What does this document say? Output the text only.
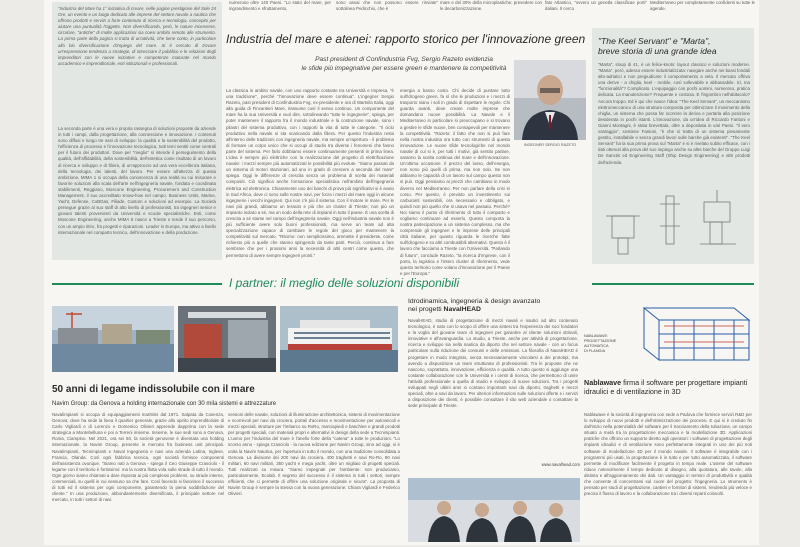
numeroso oltre 140 Paesi. "Lo stato del mare, per ingrandimento e sfruttamento,
sono assai che non possono essere rinviate" sottolinea Pedicchio, che è
mare e del 30% della microplastiche; prevedere con le decarbonizzazione.
fato Atlantico, "ovvero un genetla classificae porti" italiani. Il cerco
Mediterraneo per completamente confidenti su tutte le agende.
"Industria del Mare ha 1° iniziativa di creare, nelle pagine prestigiose del Sole 24 Ore, un evento e un luogo dedicato alle imprese del settore navale a nautica che offrono prodotti e servizi a forte contenuto di ricerca e tecnologia, concepito per aiutare una puntualità l'oggetto. Non diversificando, però, le nature incerverse, circolare, "antiche" di molte applicazioni sia coesi ambito remoto alle strumento. La prima parte della pagina si tratta di un'attività, che tiene conto, in particolare alla bio diversificazione d'impiego del mare. Si è cercato di trovare un'espressione tendenza a strategie, di intrecciare il pubblico e le relazioni degli imprenditori con le nuove iniziative e competenze maturate nel mondo accademico e imprenditoriale, enti istituzionali e professionali.
La seconda parte è una vera e propria rassegna di soluzioni proposte da aziende in tutti i campi, dalla progettazione, alla connessione e innovazione. I contenuti sono diffusi e lungo tre assi di sviluppo: la qualità e la sostenibilità del prodotto, l'efficienza di processo e l'innovazione tecnologica, tutti temi sentiti come centrali per il futuro dei produttori. Dove per "meglio" si intende il perseguimento della qualità, dell'affidabilità, della sostenibilità, dell'estetica come risultato di un lavoro di ricerca e sviluppo e di filiera, di un'approccio ad una vera eccellenza italiana, della tecnologia, dei talenti, del lavoro. Per essere all'altezza di questa ambizione, MIMA 1 si occupa della conoscenza di una realtà su cui misurare e favorire soluzioni alla scala dell'arte nell'ingegneria navale, fondata e coordinata stabilimenti, Reggiano, Moscone Engineering, Procurement and Construction Management, il suo accreditato Know-how nel campo. Business Units, Marine, Yacht, Defense, CoBGas, Filiade, Custom e soluzioni ad esempio. La Società persegue grazie al suo staff di alto livello di professionisti, tra ingegneri senior e giovani talenti provenienti da Università e scuole specialistiche. Enti, come Moscone Engineering, anche MIMA 5 nasce a Trieste e tende il suo percorso, con un ampio ritiro, fra progetti e riparazioni. Leader in Europa, ma attivo a livello internazionale nel comparto tecnico, dell'innovazione e della produzione.
Industria del mare e atenei: rapporto storico per l'innovazione green
Past president di Confindustria Fvg, Sergio Razeto evidenzia
le sfide più impegnative per essere green e mantenere la competitività
La classica in ambito navale, con uno rapporto costante tra Università e Impresa, "è una tradizione", perché "l'innovazione deve essere continua". L'ingegner Sergio Razeto, past president di Confindustria Fvg, ex-presidente e ora di Wartsila Italia, oggi alla guida di Fincantieri Mare, riassume così il senso continuo. Un componente del mare ha la sua Università e vuol dire, sottolineando "tutte le ingegnerie", spiega, per poter mantenere il rapporto fra il mondo industriale e la costruzione navale, sono i pilastri del sistema produttivo, con i rapporti la vita di tutte le categorie. "Il ciclo produttivo nella navale si sta scaricando dalla filiera. Per questo l'industria resta all'interno delle tradizioni con ingegneria navale, ma sempre un'apertura - il problema di formare un corpo unico che si occupi di studio tra diverse i fenomeni che fanno parte del sistema. Per farlo dobbiamo essere continuamente presenti in prima linea. L'idea è sempre più elettriche con la realizzazione del progetto di elettrificazione navale: i mezzi sempre più automatizzati le possibilità più evolute. "Siamo passati da un sistema di motori stazionari, ad uno in grado di crescere a seconda del mare" spiega. Oggi le differenze di crescita senza un problema di scelta dei materiali compositi. Ciò significa anche formazione specialistica nell'ambito dell'ingegneria elettrica ed elettronica. Chiaramente uno dei banchi di prova più significativi si è avuto in Sud Africa, dove ci sono sulle nostre navi, per forza i mezzi del mare oggi in alcune ingegnerie i vecchi ingegneri. Qui non c'è più il sistema. Con il motore in mare. Per le navi più grandi, abbiamo un tessuto e più che un cluster di Trieste; non più un impianto isolato a sé, ma un nodo della rete di impianti in tutto il paese. È una scelta di crescita a sé stante nel campo dell'ingegneria navale. Oggi nell'industria navale non è più sufficiente avere solo buoni professionisti, ma serve un team ad alta specializzazione capace di cambiare le regole del gioco per mantenere la competitività sul mercato. "Ritorno: non semplicissimo, ammette il presidente, come richiesto più a quelle che stanno spingendo da tante parti. Perciò, continua a fare sembrare che per i prossimi anni la necessità di altri centri come questo, che permettono di avere sempre ingegneri pronti."
energia a basso costo. Chi decide di puntare tutto sull'idrogeno green, fa sì che le produzioni e i mezzi di trasporto siano i soli in grado di rispettare le regole. Chi guarda avanti, deve creare molte imprese che domandano nuove possibilità. La Navale e il Mediterraneo in particolare si preoccupano e si trovano a gestire le sfide nuove, ben consapevoli per mantenere la competitività. "Razeto: il fatto che non si può fare nella nostra industria ora tutto con strumenti di questa innovazione. Le nuove sfide tecnologiche nel mondo navale di cui si è, per tutti i motivi, già sentito parlare, saranno la scelta continua del mare e dell'innovazione. Un'ottima occasione. Il prezzo del lusso, dell'energia, non sono più quelli di prima, ma non solo. Se non abbiamo le capacità di un lavoro sul campo questo non si può. Oggi pensiamo ai prezzi che cambiano in modo diverso nel Mediterraneo. Per non parlare della crisi in corso. Per questo, è previsto un investimento sui carburanti sostenibili, ora necessario e obbligato, e quindi non più quello che si usava nel passato. Perché? Noi siamo il punto di riferimento di tutto il comparto e vogliamo continuare ad esserlo. Questo comporta la nostra partecipazione a un sistema complesso, ma che comprende gli ingegneri e le imprese delle principali città italiane, per quanto riguarda le ricerche fatte sull'idrogeno e su altri combustibili alternativi. Questo è il lavoro che facciamo a Trieste con l'Università. "Parlando di futuro", conclude Razeto, "la ricerca d'imprese, con il porto, la logistica e l'intero cluster di riferimento, vede questo territorio come volano d'innovazione per il Paese e per l'Europa."
INGEGNER SERGIO RAZETO
"The Keel Servant" e "Marta",
breve storia di una grande idea
"Marta", sloop di 41, è un felice-knots: layout classico e soluzioni moderne. "Marta", però, adesso essere industrializzata: navigare anche nei bassi fondali alto-adriatici e non pregiudicare il comportamento a vela. Il mercato offriva una derive - a chiglia, keel - mobile, così sollevabile e abbassabile. Sì, ma "funzionalità"? Complicato. L'equipaggio con pochi uomini, numeroso, pratica delicata. La manutenzione? Frequente e costosa. E l'ingombro nell'abitacolo? Ancora troppo. Ed è qui che nasce l'idea: "The Keel Servant", un meccanismo elettromeccanico di una struttura composita per ottimizzare il movimento della chiglia, un sistema che possa far scorrere la deriva e portarla alla posizione desiderata in pochi istanti. L'innovazione, da un'idea di Riccardo Fantoni e Gianni Montagni, è stata brevettata, oltre a depositata in vari Paesi. "Il vero vantaggio", sostiene Fantoni, "è che si tratta di un sistema pienamente gestito, installabile e senza grandi lavori sulle barche già esistenti". "The Keel Servant" ha la sua prima prova sul "Marta" e si è rivelato subito efficace, con i dati ottenuti alla prova del suo impiego anche su altre barche del Gruppo Luigi De Sanctis ed Engineering Staff (Ship Design Engineering) e altri prodotti dell'azienda.
I partner: il meglio delle soluzioni disponibili
50 anni di legame indissolubile con il mare
Navim Group: da Genova a holding internazionale con 30 mila sistemi e attrezzature
Navalimpianti si occupa di equipaggiamenti marittimi dal 1971. Salpata da Cosenza, Genova, dove ha sede la linea il quartier generale, grazie allo spirito imprenditoriale di Carlo Vigliardi e di Lorenzo e Domenico Olivieri apprende dapprima con la sede strategica a Montebelluna e poi a Terreni insieme. Insieme, le sue sedi sono a Genova, Roma, Ciampino. Nel 2021, ora sei 50, la società genovese è diventata una holding internazionale, la Navim Group, presente in mercato fra business unit principali. Navalimpianti, Tecnimpianti e Naval Ingegneria e navi una azienda Latina, Inglese, Francia, Olanda. Così ogni fabbrica tecnica, ogni società fornisce componenti dell'assistenza ovunque. "Siamo nati a Genova - spiega il Ceo Giuseppe Crasciolo - il legame con il territorio è fortissimo: ma la nostra flotta vola sulle strade di tutto il mondo. Ogni giorno siamo chiamati a dare risposta ai più complessi problemi, su strade interne, commerciali, su quelli in cui nessuno sa che fare. Così facendo si favorisce il successo di tutti ed il sistema per ogni componente, garantendo la piena soddisfazione del cliente." In una produzione, abbondantemente diversificata, il principale settore nel mercato, in tutti i settori di navi.
versioni delle navale, soluzioni di illuminazione architettonica, sistemi di movimentazione e scorrevoli per navi da crociera, portali d'accesso e movimentazione per autoveicoli e mezzi speciali, strutture per l'imbarco su RoRo, marciapiedi e banchine e grandi prodotti per progetti speciali, con materiali propri e alternativi in design della sede a Tecnimpianti. L'uomo per l'industria del mare è l'anello forte della "catena" a tutte le produzioni. "Lo scorso anno - spiega Crasciolo - la nuova edizione per Navim Group, sino ad oggi, si è unita la Navim Nautica, per l'apertura in tutto il mondo, con una tradizione consolidata a Genova. La divisione dei 200 navi da crociera, 400 traghetti e navi Ro-Ro, 90 navi militari, 60 navi militari, 350 yacht e mega yacht, oltre un migliaio di progetti speciali. Tutti realizzati su misura. "Siamo impegnati per l'ambiente: non produciamo, particolarmente, Ecolab. Il segreto del successo è il sistema in tutti i settori, sempre efficienti, che ci permette di offrire una soluzione originale e sicura". La proposta di Navim Group è sempre la stessa con la nuova generazione: Chiara Vigliardi e Federico Olivieri.
Idrodinamica, ingegneria & design avanzato
nei progetti NavalHEAD
NavalHEAD, studio di progettazione di mezzi navali e nautici ad alto contenuto tecnologico, è nato con lo scopo di offrire una sintesi tra l'esperienza dei soci fondatori e la voglia del giovane team di ingegneri per garantire al cliente soluzioni ottimali, innovative e all'avanguardia. Lo studio, a Trieste, anche per attività di progettazione, ricerca e sviluppo sia nella nautica da diporto che nel settore navale - con un focus particolare sulla riduzione dei consumi e delle emissioni. La filosofia di NavalHEAD è progettare in modo integrato, senza necessariamente vincolarsi a dei prototipi, ma avendo a disposizione un team strutturato di professionisti. Tra le proposte che ne nascono, soprattutto, innovazione, efficienza e qualità. A tutto questo si aggiunge una costante collaborazione con le Università e i centri di ricerca, che permettono di unire l'attività professionale a quella di studio e sviluppo di nuove soluzioni. Tra i progetti sviluppati negli ultimi anni si contano importanti navi da diporto, traghetti e mezzi speciali, oltre a navi da lavoro. Per ulteriori informazioni sulle soluzioni offerte e i servizi a disposizione dei clienti, è possibile consultare il sito web aziendale o contattare la sede principale di Trieste.
www.navalhead.com
NABLAWAVE:
PROGETTAZIONE
AUTOMATICA
DI FLANGIA
Nablawave firma il software per progettare impianti idraulici e di ventilazione in 3D
Nablawave è la società di ingegneria con sede a Padova che fornisce servizi R&D per lo sviluppo di nuovi prodotti e dell'ottimizzazione dei processi. E qui si è creduto fin dall'inizio nella potenzialità del software per il tracciamento della tubazione, un campo situato a metà tra la progettazione meccanica e la modellazione 3D. Applicazioni pratiche che offrono un supporto diretto agli operatori: i software di progettazione degli impianti idraulici e di ventilazione sono perfettamente integrati in uno dei più noti software di modellazione 3D per il mondo navale. Il software è integrabile con i programmi più usati, la progettazione è in tutto e per tutto automatizzata, il software permette di modificare facilmente il progetto in tempo reale. L'utente del software riduce notevolmente il tempo dedicato al disegno, alla quotatura, alle tavole, alla distinta e all'aggiornamento dei dati. Un vantaggio in termini di produttività e qualità che consente di concentrarsi sul cuore del progetto: l'ingegneria. Lo strumento è pensato per studi di progettazione, cantieri e fornitori di sistemi, rendendo più veloce e preciso il flusso di lavoro e la collaborazione tra i diversi reparti coinvolti.
